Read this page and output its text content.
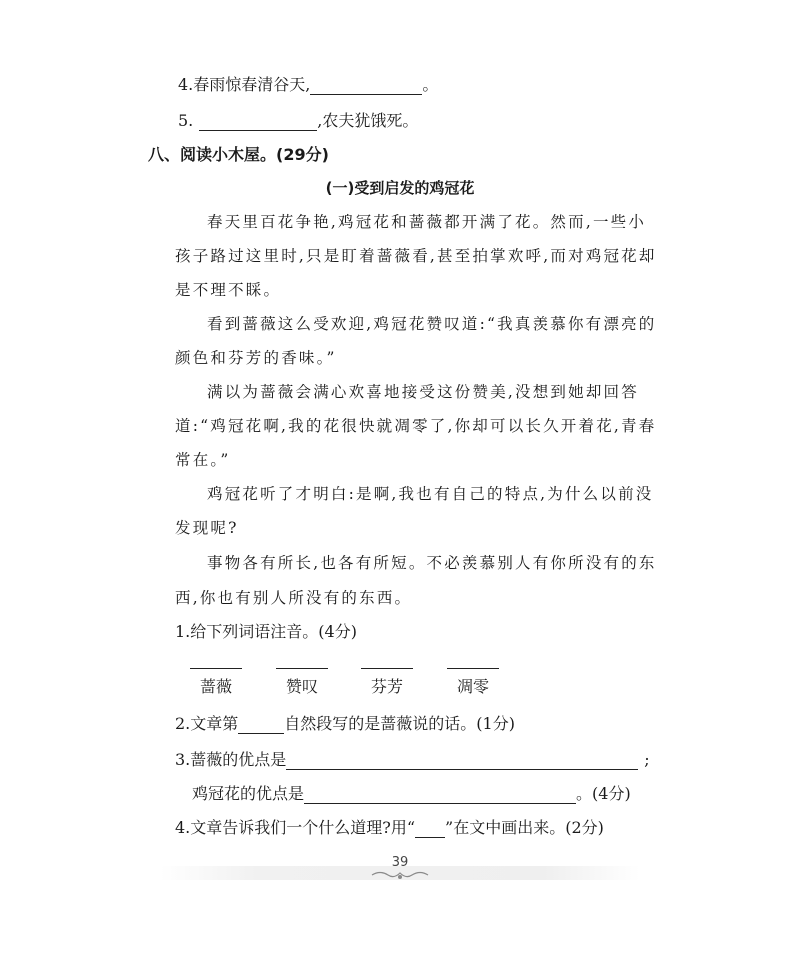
4.春雨惊春清谷天,	。
5.	,农夫犹饿死。
八、阅读小木屋。(29分)
(一)受到启发的鸡冠花
春天里百花争艳,鸡冠花和蔷薇都开满了花。然而,一些小
孩子路过这里时,只是盯着蔷薇看,甚至拍掌欢呼,而对鸡冠花却
是不理不睬。
看到蔷薇这么受欢迎,鸡冠花赞叹道:“我真羡慕你有漂亮的
颜色和芬芳的香味。”
满以为蔷薇会满心欢喜地接受这份赞美,没想到她却回答
道:“鸡冠花啊,我的花很快就凋零了,你却可以长久开着花,青春
常在。”
鸡冠花听了才明白:是啊,我也有自己的特点,为什么以前没
发现呢?
事物各有所长,也各有所短。不必羡慕别人有你所没有的东
西,你也有别人所没有的东西。
1.给下列词语注音。(4分)
蔷薇	赞叹	芬芳	凋零
2.文章第	自然段写的是蔷薇说的话。(1分)
3.蔷薇的优点是	;
鸡冠花的优点是	。(4分)
4.文章告诉我们一个什么道理?用“ ”在文中画出来。(2分)
39
